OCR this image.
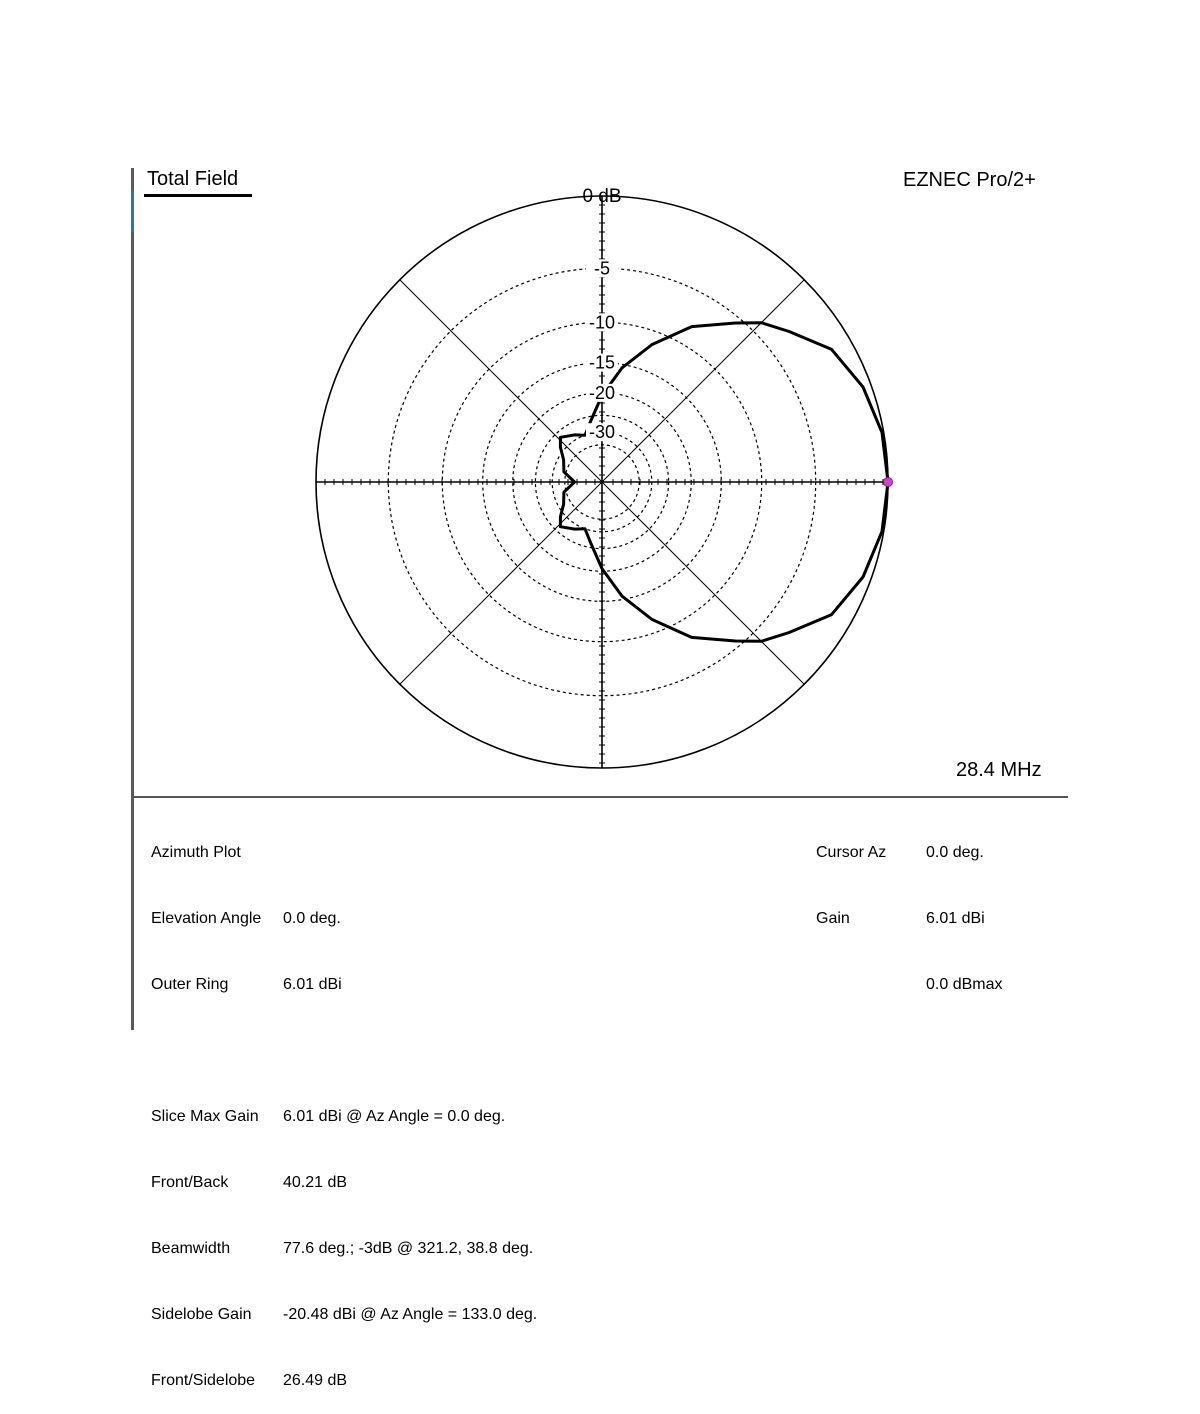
Total Field	EZNEC Pro/2+
0 dB
-5
-10
-15
-20
-30
28.4 MHz

Azimuth Plot

Elevation Angle

Outer Ring

Slice Max Gain

Front/Back

Beamwidth

Sidelobe Gain

Front/Sidelobe

0.0 deg.

6.01 dBi

6.01 dBi @ Az Angle = 0.0 deg.

40.21 dB

77.6 deg.; -3dB @ 321.2, 38.8 deg.

-20.48 dBi @ Az Angle = 133.0 deg.

26.49 dB

Cursor Az

Gain

0.0 deg.

6.01 dBi

0.0 dBmax
